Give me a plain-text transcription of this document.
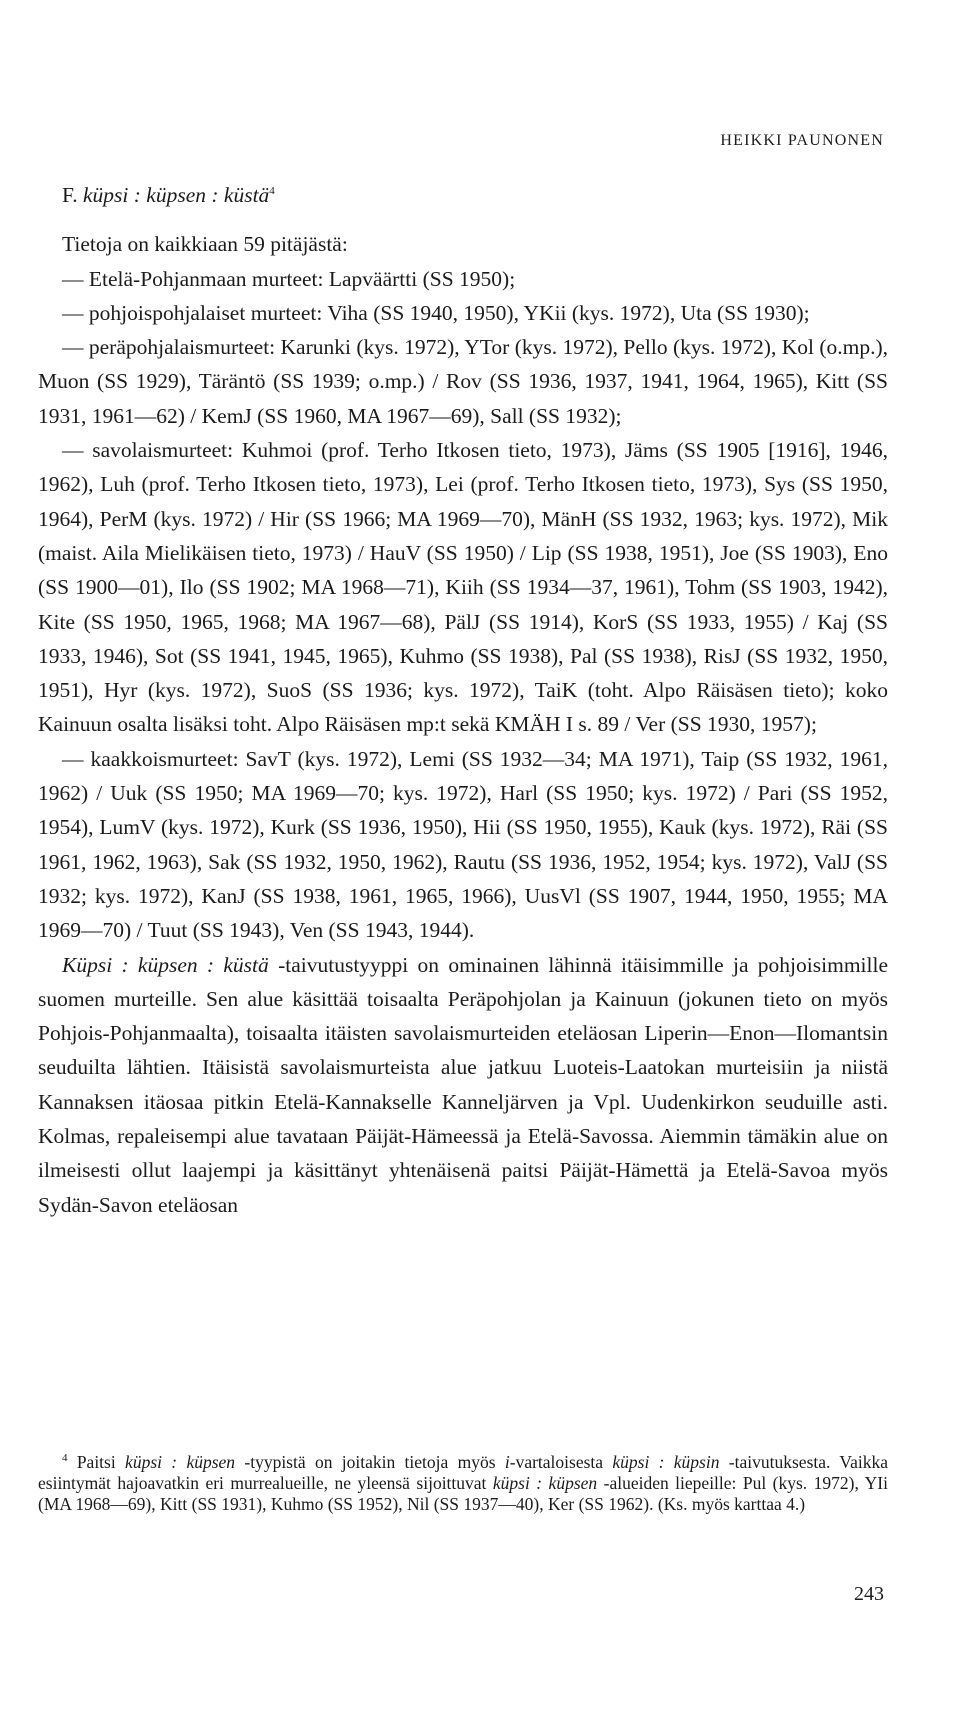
HEIKKI PAUNONEN
F. küpsi : küpsen : küstä$^4$

Tietoja on kaikkiaan 59 pitäjästä:

— Etelä-Pohjanmaan murteet: Lapväärtti (SS 1950);

— pohjoispohjalaiset murteet: Viha (SS 1940, 1950), YKii (kys. 1972), Uta (SS 1930);

— peräpohjalaismurteet: Karunki (kys. 1972), YTor (kys. 1972), Pello (kys. 1972), Kol (o.mp.), Muon (SS 1929), Täräntö (SS 1939; o.mp.) / Rov (SS 1936, 1937, 1941, 1964, 1965), Kitt (SS 1931, 1961—62) / KemJ (SS 1960, MA 1967—69), Sall (SS 1932);

— savolaismurteet: Kuhmoi (prof. Terho Itkosen tieto, 1973), Jäms (SS 1905 [1916], 1946, 1962), Luh (prof. Terho Itkosen tieto, 1973), Lei (prof. Terho Itkosen tieto, 1973), Sys (SS 1950, 1964), PerM (kys. 1972) / Hir (SS 1966; MA 1969—70), MänH (SS 1932, 1963; kys. 1972), Mik (maist. Aila Mielikäisen tieto, 1973) / HauV (SS 1950) / Lip (SS 1938, 1951), Joe (SS 1903), Eno (SS 1900—01), Ilo (SS 1902; MA 1968—71), Kiih (SS 1934—37, 1961), Tohm (SS 1903, 1942), Kite (SS 1950, 1965, 1968; MA 1967—68), PälJ (SS 1914), KorS (SS 1933, 1955) / Kaj (SS 1933, 1946), Sot (SS 1941, 1945, 1965), Kuhmo (SS 1938), Pal (SS 1938), RisJ (SS 1932, 1950, 1951), Hyr (kys. 1972), SuoS (SS 1936; kys. 1972), TaiK (toht. Alpo Räisäsen tieto); koko Kainuun osalta lisäksi toht. Alpo Räisäsen mp:t sekä KMÄH I s. 89 / Ver (SS 1930, 1957);

— kaakkoismurteet: SavT (kys. 1972), Lemi (SS 1932—34; MA 1971), Taip (SS 1932, 1961, 1962) / Uuk (SS 1950; MA 1969—70; kys. 1972), Harl (SS 1950; kys. 1972) / Pari (SS 1952, 1954), LumV (kys. 1972), Kurk (SS 1936, 1950), Hii (SS 1950, 1955), Kauk (kys. 1972), Räi (SS 1961, 1962, 1963), Sak (SS 1932, 1950, 1962), Rautu (SS 1936, 1952, 1954; kys. 1972), ValJ (SS 1932; kys. 1972), KanJ (SS 1938, 1961, 1965, 1966), UusVl (SS 1907, 1944, 1950, 1955; MA 1969—70) / Tuut (SS 1943), Ven (SS 1943, 1944).

Küpsi : küpsen : küstä -taivutustyyppi on ominainen lähinnä itäisimmille ja pohjoisimmille suomen murteille. Sen alue käsittää toisaalta Peräpohjolan ja Kainuun (jokunen tieto on myös Pohjois-Pohjanmaalta), toisaalta itäisten savolaismurteiden eteläosan Liperin—Enon—Ilomantsin seuduilta lähtien. Itäisistä savolaismurteista alue jatkuu Luoteis-Laatokan murteisiin ja niistä Kannaksen itäosaa pitkin Etelä-Kannakselle Kanneljärven ja Vpl. Uudenkirkon seuduille asti. Kolmas, repaleisempi alue tavataan Päijät-Hämeessä ja Etelä-Savossa. Aiemmin tämäkin alue on ilmeisesti ollut laajempi ja käsittänyt yhtenäisenä paitsi Päijät-Hämettä ja Etelä-Savoa myös Sydän-Savon eteläosan

$^4$ Paitsi küpsi : küpsen -tyypistä on joitakin tietoja myös i-vartaloisesta küpsi : küpsin -taivutuksesta. Vaikka esiintymät hajoavatkin eri murrealueille, ne yleensä sijoittuvat küpsi : küpsen -alueiden liepeille: Pul (kys. 1972), YIi (MA 1968—69), Kitt (SS 1931), Kuhmo (SS 1952), Nil (SS 1937—40), Ker (SS 1962). (Ks. myös karttaa 4.)

243
